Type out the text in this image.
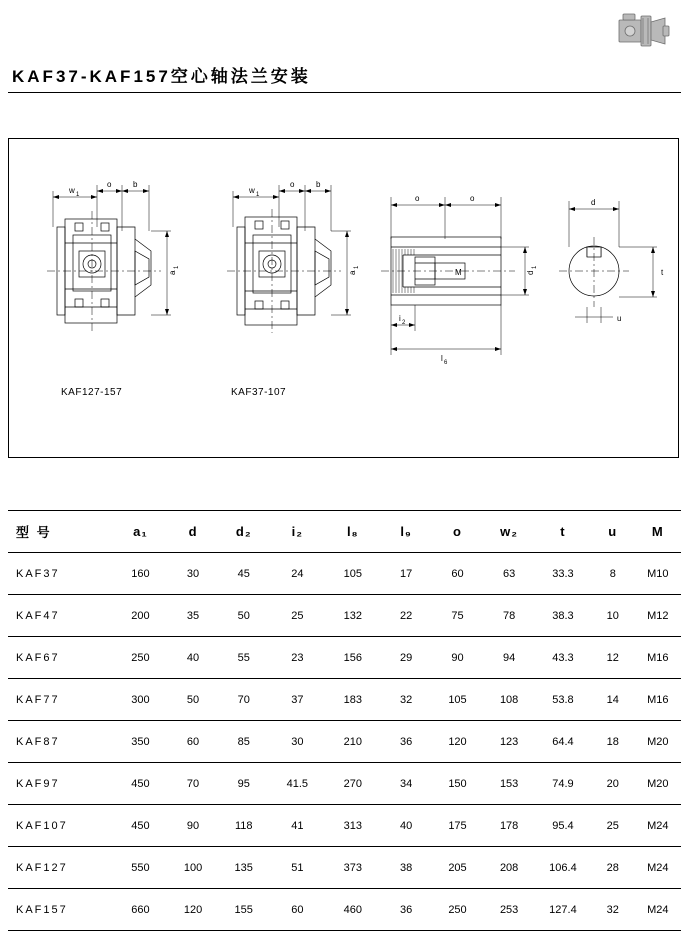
KAF37-KAF157空心轴法兰安装
w 1
o	b
a
1
w 1
o	b
a
1
o	o
M	d
1
i 2
l 6
d
t
u
KAF127-157	KAF37-107
型 号	a₁	d	d₂	i₂	l₈	l₉	o	w₂	t	u	M
KAF37	160	30	45	24	105	17	60	63	33.3	8	M10
KAF47	200	35	50	25	132	22	75	78	38.3	10	M12
KAF67	250	40	55	23	156	29	90	94	43.3	12	M16
KAF77	300	50	70	37	183	32	105	108	53.8	14	M16
KAF87	350	60	85	30	210	36	120	123	64.4	18	M20
KAF97	450	70	95	41.5	270	34	150	153	74.9	20	M20
KAF107	450	90	118	41	313	40	175	178	95.4	25	M24
KAF127	550	100	135	51	373	38	205	208	106.4	28	M24
KAF157	660	120	155	60	460	36	250	253	127.4	32	M24
